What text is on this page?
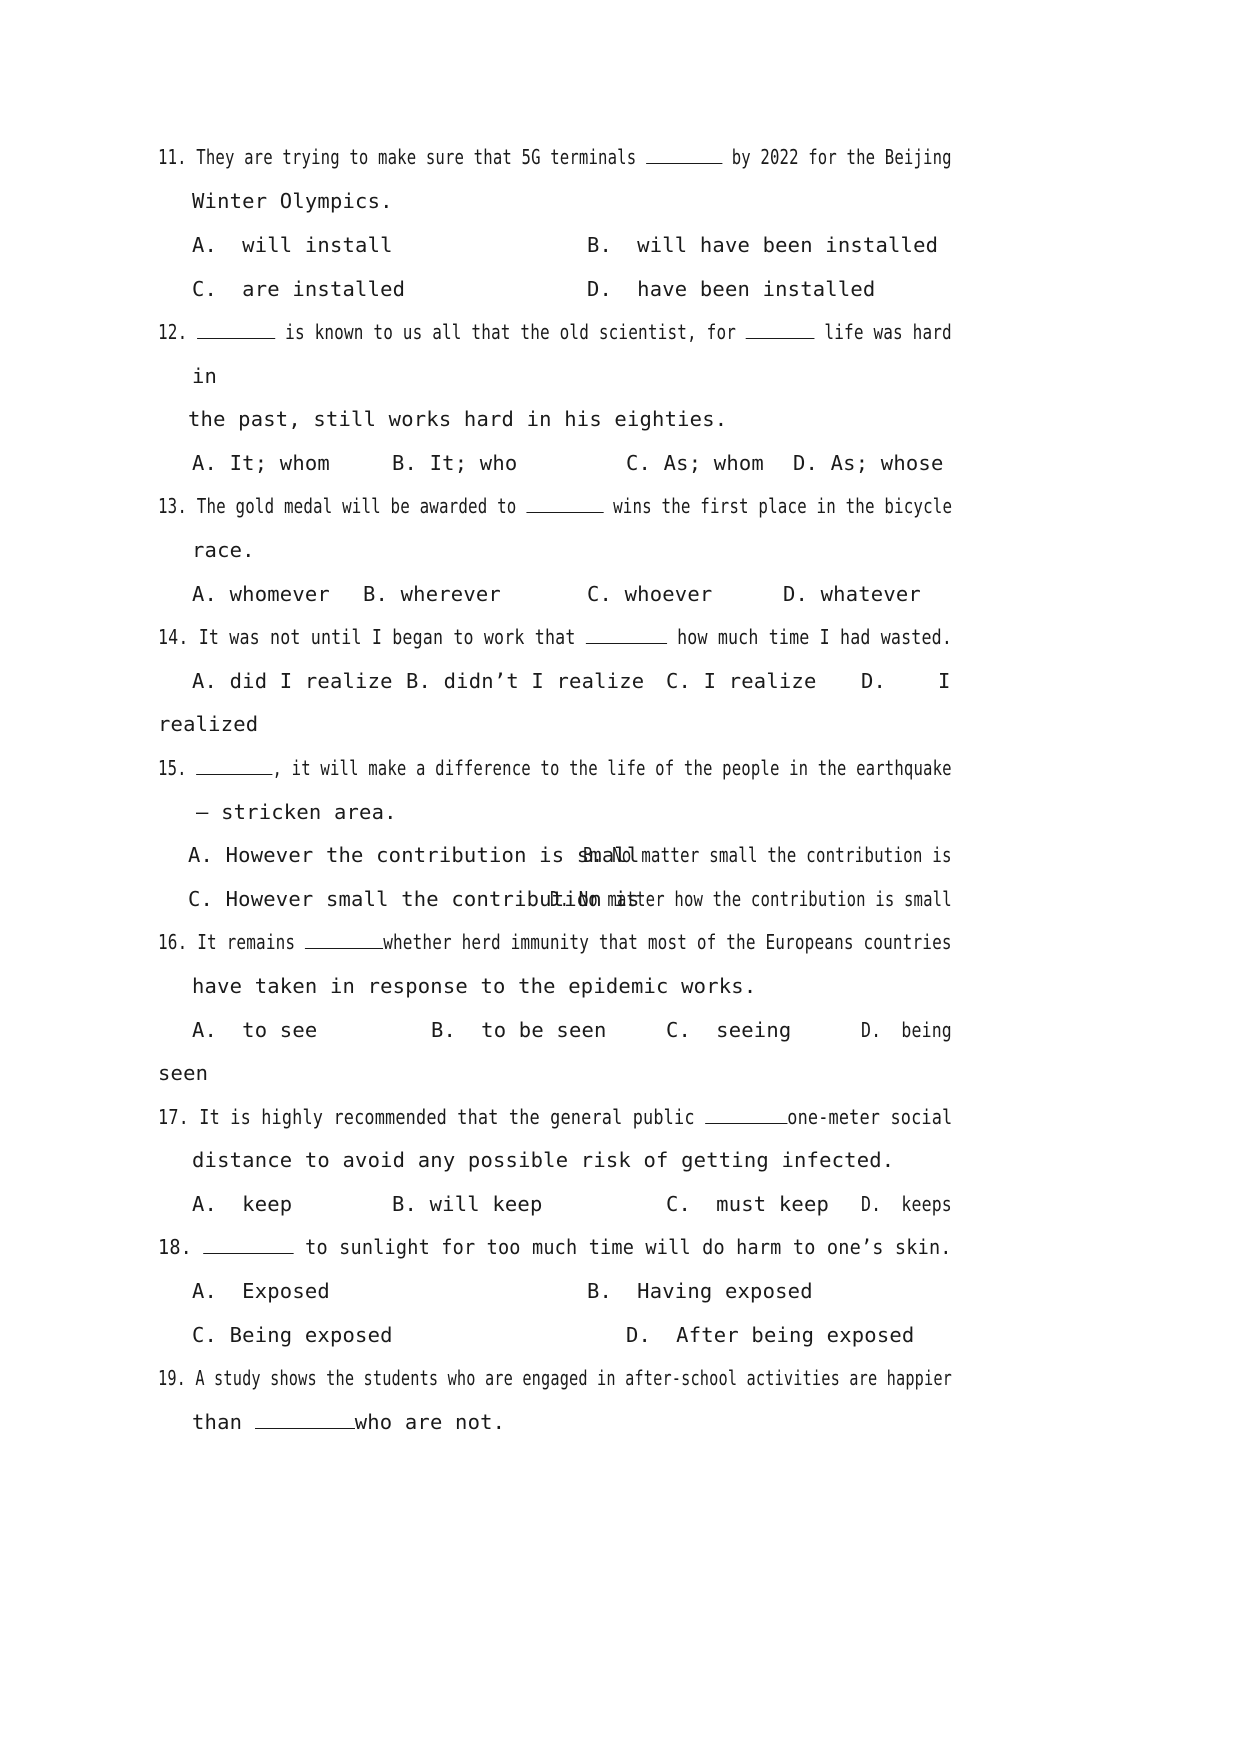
11. They are trying to make sure that 5G terminals	by 2022 for the Beijing
Winter Olympics.
A.  will install	B.  will have been installed
C.  are installed	D.  have been installed
12.	is known to us all that the old scientist, for	life was hard
in
the past, still works hard in his eighties.
A. It; whom	B. It; who	C. As; whom D. As; whose
13. The gold medal will be awarded to	wins the first place in the bicycle
race.
A. whomever B. wherever	C. whoever	D. whatever
14. It was not until I began to work that	how much time I had wasted.
A. did I realize B. didn’t I realize C. I realize D.	I
realized
15.	, it will make a difference to the life of the people in the earthquake
– stricken area.
A. However the contribution is small
B. No matter small the contribution is
C. However small the contribution is
D. No matter how the contribution is small
16. It remains	whether herd immunity that most of the Europeans countries
have taken in response to the epidemic works.
A.  to see	B.  to be seen	C.  seeing	D.  being
seen
17. It is highly recommended that the general public	one-meter social
distance to avoid any possible risk of getting infected.
A.  keep	B. will keep	C.  must keep D.  keeps
18.	to sunlight for too much time will do harm to one’s skin.
A.  Exposed	B.  Having exposed
C. Being exposed	D.  After being exposed
19. A study shows the students who are engaged in after-school activities are happier
than	who are not.
